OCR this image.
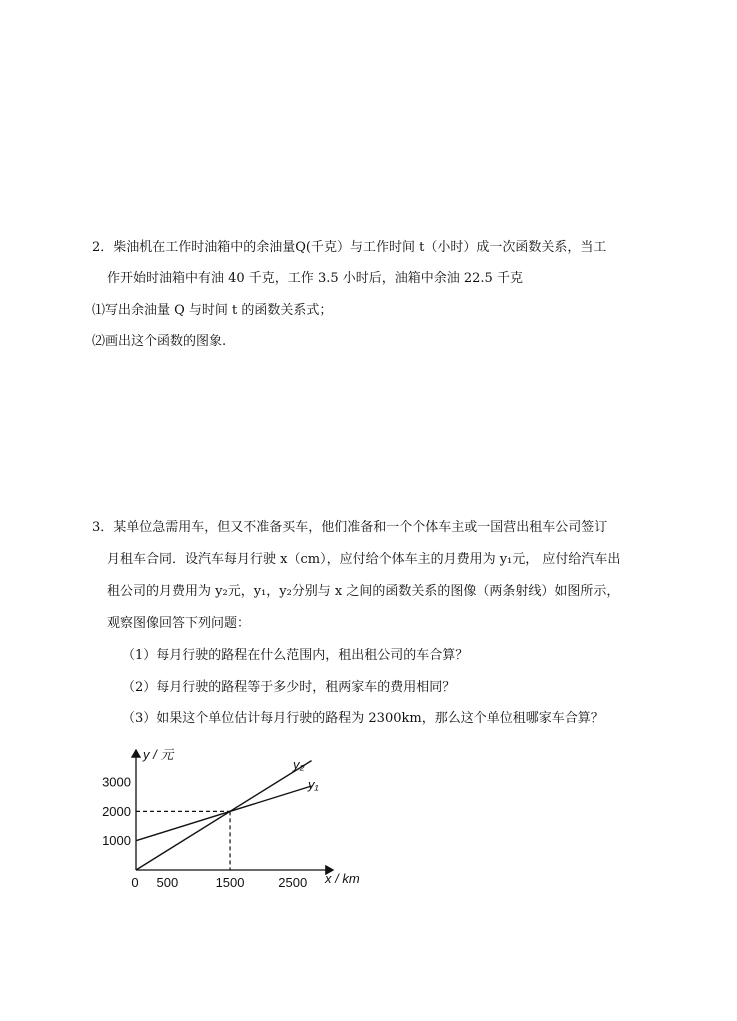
2．柴油机在工作时油箱中的余油量Q(千克）与工作时间 t（小时）成一次函数关系，当工
作开始时油箱中有油 40 千克，工作 3.5 小时后，油箱中余油 22.5 千克
⑴写出余油量 Q 与时间 t 的函数关系式；
⑵画出这个函数的图象.
3．某单位急需用车，但又不准备买车，他们准备和一个个体车主或一国营出租车公司签订
月租车合同．设汽车每月行驶 x（cm），应付给个体车主的月费用为 y₁元， 应付给汽车出
租公司的月费用为 y₂元，y₁，y₂分别与 x 之间的函数关系的图像（两条射线）如图所示，
观察图像回答下列问题：
（1）每月行驶的路程在什么范围内，租出租公司的车合算？
（2）每月行驶的路程等于多少时，租两家车的费用相同？
（3）如果这个单位估计每月行驶的路程为 2300km，那么这个单位租哪家车合算？
1000
2000
3000
0 500	1500	2500
y / 元
x / km
y₂
y₁
